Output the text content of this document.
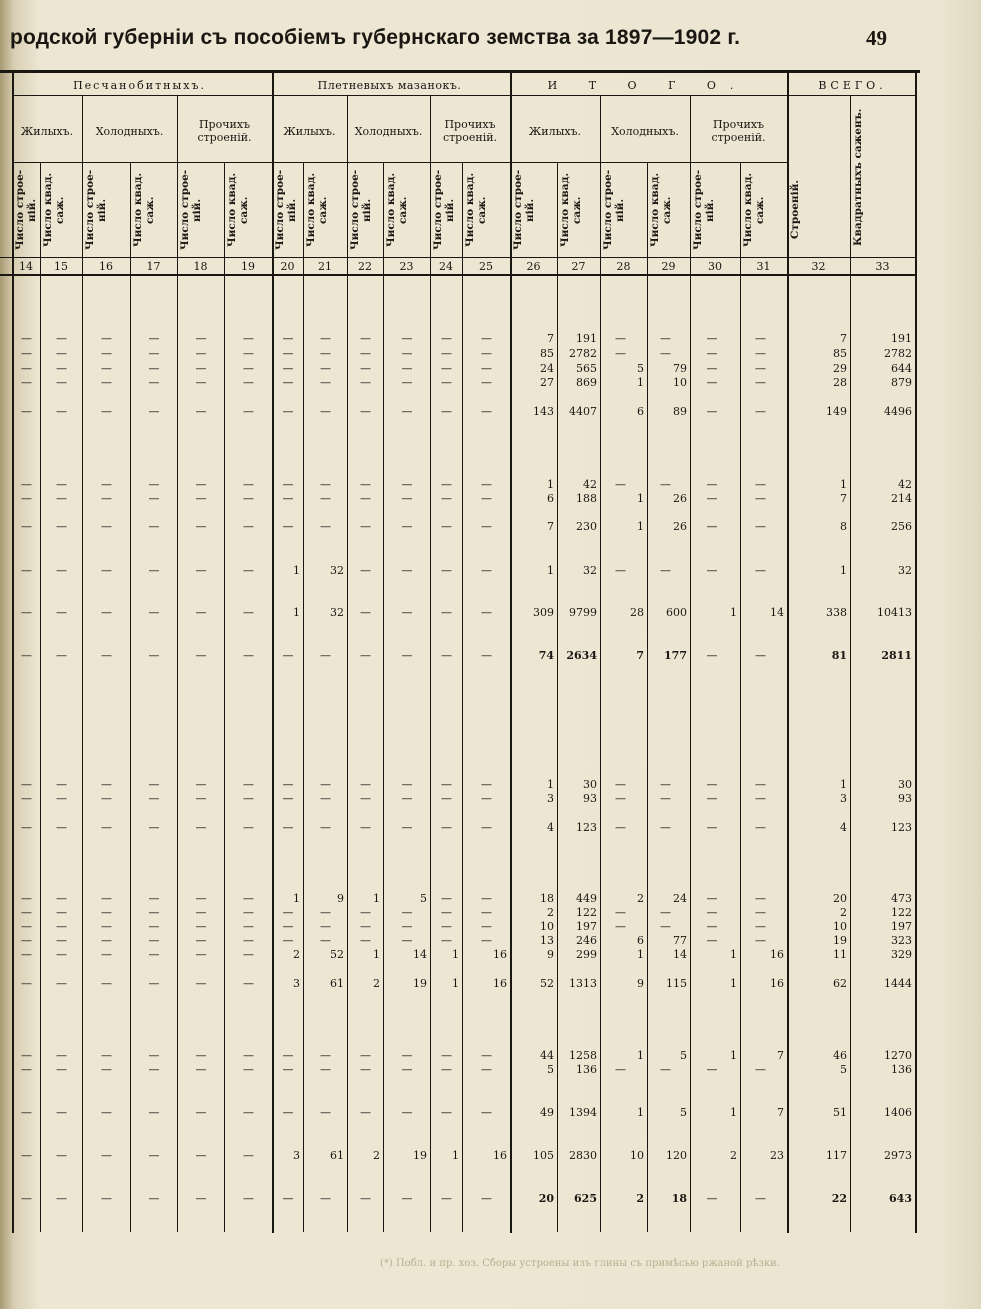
родской губерніи съ пособіемъ губернскаго земства за 1897—1902 г.	49
Песчанобитныхъ.	Плетневыхъ мазанокъ.	И Т О Г О.	ВСЕГО.
Жилыхъ.	Холодныхъ.
Прочихъ строеній.	Жилыхъ.	Холодныхъ.
Прочихъ строеній.	Жилыхъ.	Холодныхъ.
Прочихъ строеній.
Число строе-ній. Число квад. саж.	Число строе-ній.	Число квад. саж.	Число строе-ній.	Число квад. саж.	Число строе-ній. Число квад. саж.	Число строе-ній.	Число квад. саж.	Число строе-ній. Число квад. саж.	Число строе-ній.	Число квад. саж.	Число строе-ній.	Число квад. саж.	Число строе-ній.	Число квад. саж.	Строеній.	Квадратныхъ саженъ.
14	15	16	17	18	19	20	21	22	23	24	25	26	27	28	29	30	31	32	33
— —	—	—	—	—	— —	—	—	—	—	7	191	—	—	—	—	7	191
— —	—	—	—	—	— —	—	—	—	—	85	2782	—	—	—	—	85	2782
— —	—	—	—	—	— —	—	—	—	—	24	565	5	79	—	—	29	644
— —	—	—	—	—	— —	—	—	—	—	27	869	1	10	—	—	28	879
— —	—	—	—	—	— —	—	—	—	—	143	4407	6	89	—	—	149	4496
— —	—	—	—	—	— —	—	—	—	—	1	42	—	—	—	—	1	42
— —	—	—	—	—	— —	—	—	—	—	6	188	1	26	—	—	7	214
— —	—	—	—	—	— —	—	—	—	—	7	230	1	26	—	—	8	256
— —	—	—	—	—	1	32 —	—	—	—	1	32	—	—	—	—	1	32
— —	—	—	—	—	1	32 —	—	—	—	309	9799	28	600	1	14	338	10413
— —	—	—	—	—	— —	—	—	—	—	74	2634	7	177	—	—	81	2811
— —	—	—	—	—	— —	—	—	—	—	1	30	—	—	—	—	1	30
— —	—	—	—	—	— —	—	—	—	—	3	93	—	—	—	—	3	93
— —	—	—	—	—	— —	—	—	—	—	4	123	—	—	—	—	4	123
— —	—	—	—	—	1	9	1	5 —	—	18	449	2	24	—	—	20	473
— —	—	—	—	—	— —	—	—	—	—	2	122	—	—	—	—	2	122
— —	—	—	—	—	— —	—	—	—	—	10	197	—	—	—	—	10	197
— —	—	—	—	—	— —	—	—	—	—	13	246	6	77	—	—	19	323
— —	—	—	—	—	2	52	1	14	1	16	9	299	1	14	1	16	11	329
— —	—	—	—	—	3	61	2	19	1	16	52	1313	9	115	1	16	62	1444
— —	—	—	—	—	— —	—	—	—	—	44	1258	1	5	1	7	46	1270
— —	—	—	—	—	— —	—	—	—	—	5	136	—	—	—	—	5	136
— —	—	—	—	—	— —	—	—	—	—	49	1394	1	5	1	7	51	1406
— —	—	—	—	—	3	61	2	19	1	16	105	2830	10	120	2	23	117	2973
— —	—	—	—	—	— —	—	—	—	—	20	625	2	18	—	—	22	643
(*) Побл. и пр. хоз. Сборы устроены изъ глины съ примѣсью ржаной рѣзки.
